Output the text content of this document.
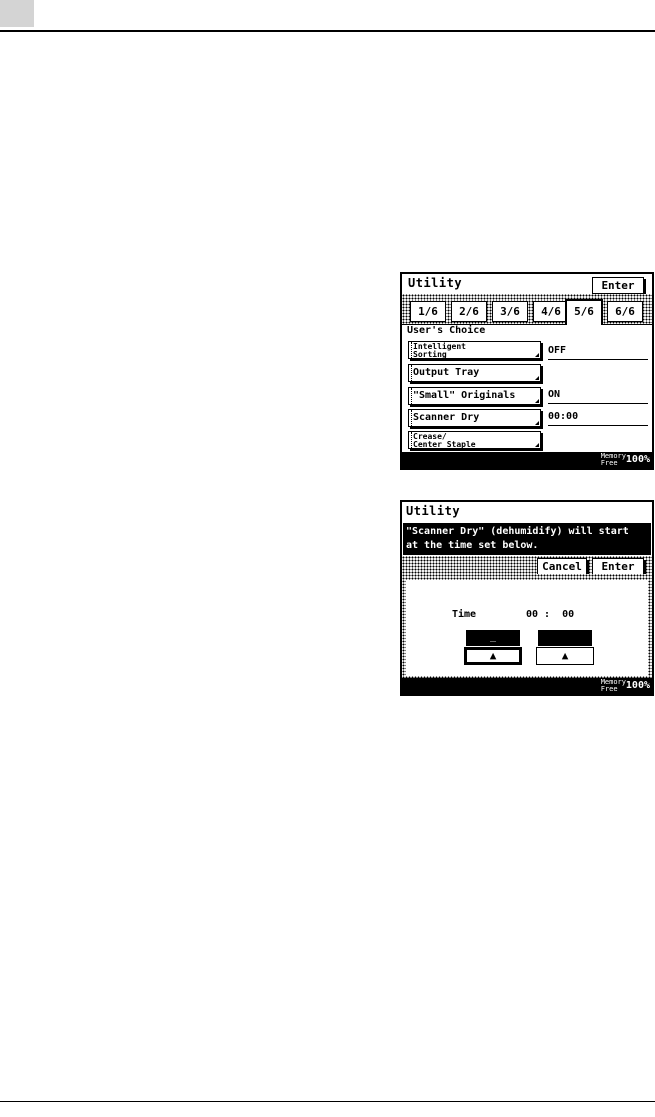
Utility	Enter
1/6	2/6	3/6	4/6	5/6	6/6
User's Choice
Intelligent
Sorting	OFF
Output Tray
"Small" Originals	ON
Scanner Dry	00:00
Crease/
Center Staple
Memory
Free 100%
Utility
"Scanner Dry" (dehumidify) will start
at the time set below.
Cancel	Enter
Time	00 :  00
_
▲	▲
Memory
Free 100%
